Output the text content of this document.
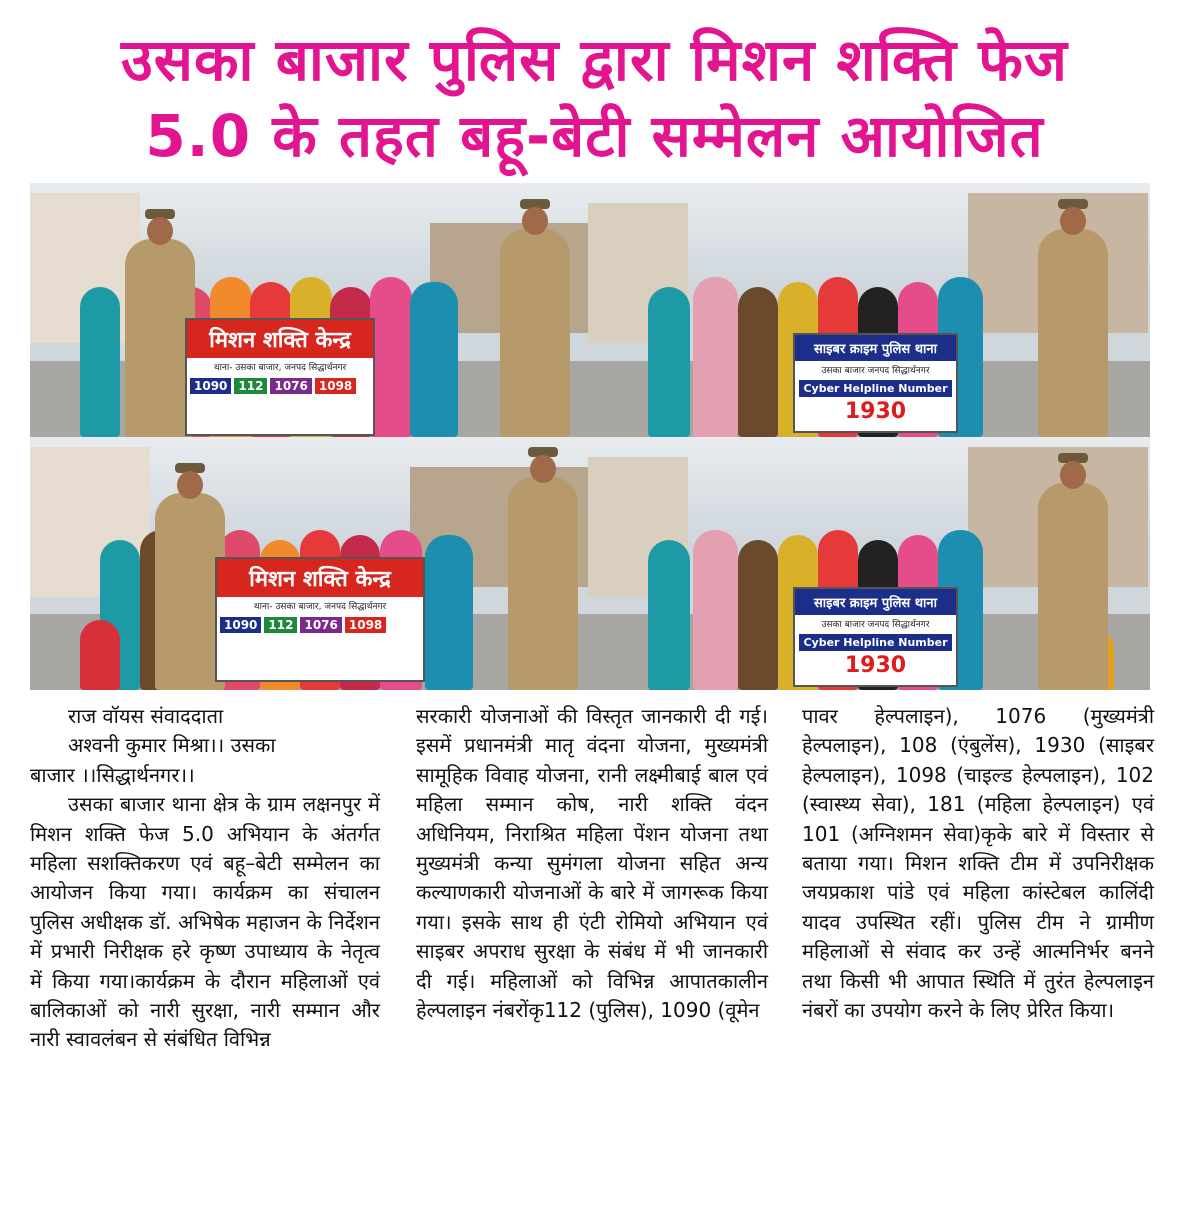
उसका बाजार पुलिस द्वारा मिशन शक्ति फेज
5.0 के तहत बहू-बेटी सम्मेलन आयोजित
मिशन शक्ति केन्द्र
थाना- उसका बाजार, जनपद सिद्धार्थनगर
1090 112 1076 1098
साइबर क्राइम पुलिस थाना
उसका बाजार जनपद सिद्धार्थनगर
Cyber Helpline Number
1930
मिशन शक्ति केन्द्र
थाना- उसका बाजार, जनपद सिद्धार्थनगर
1090 112 1076 1098
साइबर क्राइम पुलिस थाना
उसका बाजार जनपद सिद्धार्थनगर
Cyber Helpline Number
1930

राज वॉयस संवाददाता

अश्वनी कुमार मिश्रा।। उसका

बाजार ।।सिद्धार्थनगर।।

उसका बाजार थाना क्षेत्र के ग्राम लक्षनपुर में मिशन शक्ति फेज 5.0 अभियान के अंतर्गत महिला सशक्तिकरण एवं बहू–बेटी सम्मेलन का आयोजन किया गया। कार्यक्रम का संचालन पुलिस अधीक्षक डॉ. अभिषेक महाजन के निर्देशन में प्रभारी निरीक्षक हरे कृष्ण उपाध्याय के नेतृत्व में किया गया।कार्यक्रम के दौरान महिलाओं एवं बालिकाओं को नारी सुरक्षा, नारी सम्मान और नारी स्वावलंबन से संबंधित विभिन्न

सरकारी योजनाओं की विस्तृत जानकारी दी गई। इसमें प्रधानमंत्री मातृ वंदना योजना, मुख्यमंत्री सामूहिक विवाह योजना, रानी लक्ष्मीबाई बाल एवं महिला सम्मान कोष, नारी शक्ति वंदन अधिनियम, निराश्रित महिला पेंशन योजना तथा मुख्यमंत्री कन्या सुमंगला योजना सहित अन्य कल्याणकारी योजनाओं के बारे में जागरूक किया गया। इसके साथ ही एंटी रोमियो अभियान एवं साइबर अपराध सुरक्षा के संबंध में भी जानकारी दी गई। महिलाओं को विभिन्न आपातकालीन हेल्पलाइन नंबरोंकृ112 (पुलिस), 1090 (वूमेन

पावर हेल्पलाइन), 1076 (मुख्यमंत्री हेल्पलाइन), 108 (एंबुलेंस), 1930 (साइबर हेल्पलाइन), 1098 (चाइल्ड हेल्पलाइन), 102 (स्वास्थ्य सेवा), 181 (महिला हेल्पलाइन) एवं 101 (अग्निशमन सेवा)कृके बारे में विस्तार से बताया गया। मिशन शक्ति टीम में उपनिरीक्षक जयप्रकाश पांडे एवं महिला कांस्टेबल कालिंदी यादव उपस्थित रहीं। पुलिस टीम ने ग्रामीण महिलाओं से संवाद कर उन्हें आत्मनिर्भर बनने तथा किसी भी आपात स्थिति में तुरंत हेल्पलाइन नंबरों का उपयोग करने के लिए प्रेरित किया।
